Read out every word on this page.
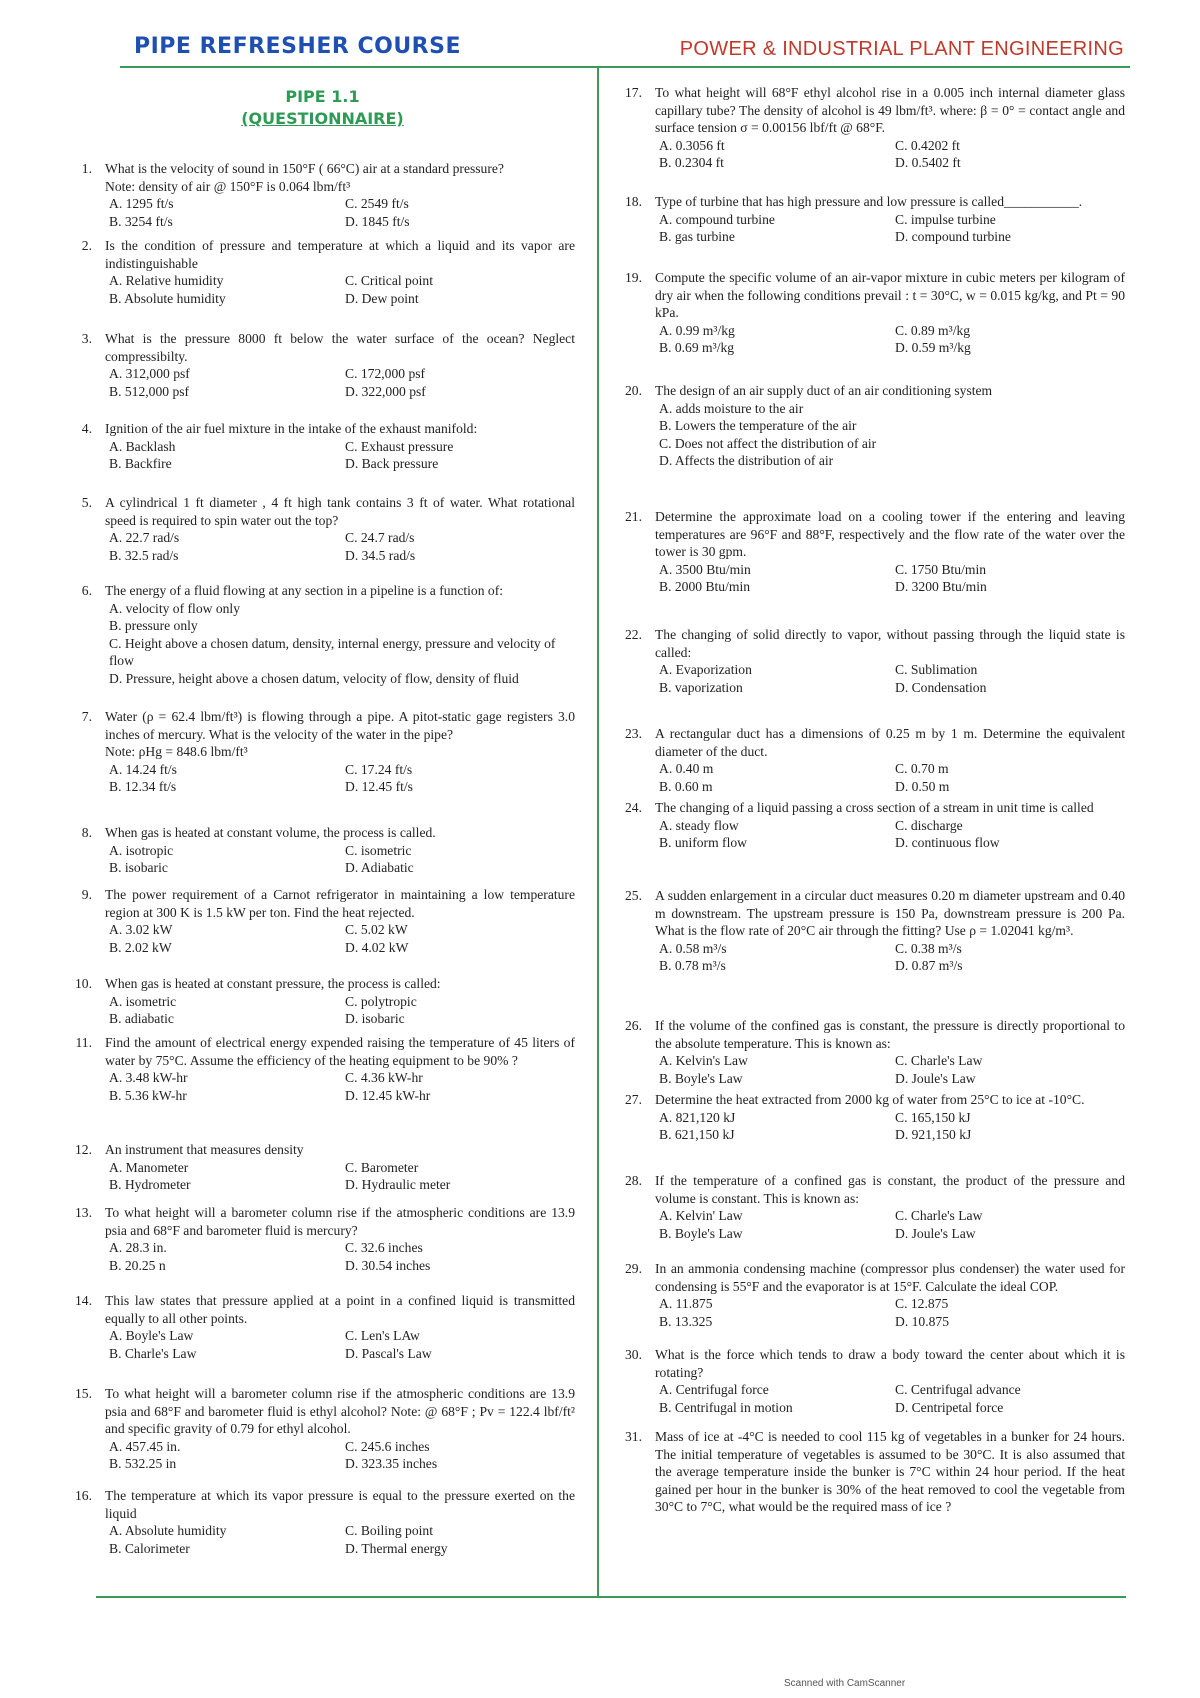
PIPE REFRESHER COURSE	POWER & INDUSTRIAL PLANT ENGINEERING
PIPE 1.1
(QUESTIONNAIRE)
1. What is the velocity of sound in 150°F ( 66°C) air at a standard pressure?
Note: density of air @ 150°F is 0.064 lbm/ft³
A. 1295 ft/s	C. 2549 ft/s
B. 3254 ft/s	D. 1845 ft/s
2. Is the condition of pressure and temperature at which a liquid and its vapor are indistinguishable
A. Relative humidity	C. Critical point
B. Absolute humidity	D. Dew point
3. What is the pressure 8000 ft below the water surface of the ocean? Neglect compressibilty.
A. 312,000 psf	C. 172,000 psf
B. 512,000 psf	D. 322,000 psf
4. Ignition of the air fuel mixture in the intake of the exhaust manifold:
A. Backlash	C. Exhaust pressure
B. Backfire	D. Back pressure
5. A cylindrical 1 ft diameter , 4 ft high tank contains 3 ft of water. What rotational speed is required to spin water out the top?
A. 22.7 rad/s	C. 24.7 rad/s
B. 32.5 rad/s	D. 34.5 rad/s
6. The energy of a fluid flowing at any section in a pipeline is a function of:
A. velocity of flow only
B. pressure only
C. Height above a chosen datum, density, internal energy, pressure and velocity of flow
D. Pressure, height above a chosen datum, velocity of flow, density of fluid
7. Water (ρ = 62.4 lbm/ft³) is flowing through a pipe. A pitot-static gage registers 3.0 inches of mercury. What is the velocity of the water in the pipe?
Note: ρHg = 848.6 lbm/ft³
A. 14.24 ft/s	C. 17.24 ft/s
B. 12.34 ft/s	D. 12.45 ft/s
8. When gas is heated at constant volume, the process is called.
A. isotropic	C. isometric
B. isobaric	D. Adiabatic
9. The power requirement of a Carnot refrigerator in maintaining a low temperature region at 300 K is 1.5 kW per ton. Find the heat rejected.
A. 3.02 kW	C. 5.02 kW
B. 2.02 kW	D. 4.02 kW
10. When gas is heated at constant pressure, the process is called:
A. isometric	C. polytropic
B. adiabatic	D. isobaric
11. Find the amount of electrical energy expended raising the temperature of 45 liters of water by 75°C. Assume the efficiency of the heating equipment to be 90% ?
A. 3.48 kW-hr	C. 4.36 kW-hr
B. 5.36 kW-hr	D. 12.45 kW-hr
12. An instrument that measures density
A. Manometer	C. Barometer
B. Hydrometer	D. Hydraulic meter
13. To what height will a barometer column rise if the atmospheric conditions are 13.9 psia and 68°F and barometer fluid is mercury?
A. 28.3 in.	C. 32.6 inches
B. 20.25 n	D. 30.54 inches
14. This law states that pressure applied at a point in a confined liquid is transmitted equally to all other points.
A. Boyle's Law	C. Len's LAw
B. Charle's Law	D. Pascal's Law
15. To what height will a barometer column rise if the atmospheric conditions are 13.9 psia and 68°F and barometer fluid is ethyl alcohol? Note: @ 68°F ; Pv = 122.4 lbf/ft² and specific gravity of 0.79 for ethyl alcohol.
A. 457.45 in.	C. 245.6 inches
B. 532.25 in	D. 323.35 inches
16. The temperature at which its vapor pressure is equal to the pressure exerted on the liquid
A. Absolute humidity	C. Boiling point
B. Calorimeter	D. Thermal energy
17. To what height will 68°F ethyl alcohol rise in a 0.005 inch internal diameter glass capillary tube? The density of alcohol is 49 lbm/ft³. where: β = 0° = contact angle and surface tension σ = 0.00156 lbf/ft @ 68°F.
A. 0.3056 ft	C. 0.4202 ft
B. 0.2304 ft	D. 0.5402 ft
18. Type of turbine that has high pressure and low pressure is called___________.
A. compound turbine	C. impulse turbine
B. gas turbine	D. compound turbine
19. Compute the specific volume of an air-vapor mixture in cubic meters per kilogram of dry air when the following conditions prevail : t = 30°C, w = 0.015 kg/kg, and Pt = 90 kPa.
A. 0.99 m³/kg	C. 0.89 m³/kg
B. 0.69 m³/kg	D. 0.59 m³/kg
20. The design of an air supply duct of an air conditioning system
A. adds moisture to the air
B. Lowers the temperature of the air
C. Does not affect the distribution of air
D. Affects the distribution of air
21. Determine the approximate load on a cooling tower if the entering and leaving temperatures are 96°F and 88°F, respectively and the flow rate of the water over the tower is 30 gpm.
A. 3500 Btu/min	C. 1750 Btu/min
B. 2000 Btu/min	D. 3200 Btu/min
22. The changing of solid directly to vapor, without passing through the liquid state is called:
A. Evaporization	C. Sublimation
B. vaporization	D. Condensation
23. A rectangular duct has a dimensions of 0.25 m by 1 m. Determine the equivalent diameter of the duct.
A. 0.40 m	C. 0.70 m
B. 0.60 m	D. 0.50 m
24. The changing of a liquid passing a cross section of a stream in unit time is called
A. steady flow	C. discharge
B. uniform flow	D. continuous flow
25. A sudden enlargement in a circular duct measures 0.20 m diameter upstream and 0.40 m downstream. The upstream pressure is 150 Pa, downstream pressure is 200 Pa. What is the flow rate of 20°C air through the fitting? Use ρ = 1.02041 kg/m³.
A. 0.58 m³/s	C. 0.38 m³/s
B. 0.78 m³/s	D. 0.87 m³/s
26. If the volume of the confined gas is constant, the pressure is directly proportional to the absolute temperature. This is known as:
A. Kelvin's Law	C. Charle's Law
B. Boyle's Law	D. Joule's Law
27. Determine the heat extracted from 2000 kg of water from 25°C to ice at -10°C.
A. 821,120 kJ	C. 165,150 kJ
B. 621,150 kJ	D. 921,150 kJ
28. If the temperature of a confined gas is constant, the product of the pressure and volume is constant. This is known as:
A. Kelvin' Law	C. Charle's Law
B. Boyle's Law	D. Joule's Law
29. In an ammonia condensing machine (compressor plus condenser) the water used for condensing is 55°F and the evaporator is at 15°F. Calculate the ideal COP.
A. 11.875	C. 12.875
B. 13.325	D. 10.875
30. What is the force which tends to draw a body toward the center about which it is rotating?
A. Centrifugal force	C. Centrifugal advance
B. Centrifugal in motion	D. Centripetal force
31. Mass of ice at -4°C is needed to cool 115 kg of vegetables in a bunker for 24 hours. The initial temperature of vegetables is assumed to be 30°C. It is also assumed that the average temperature inside the bunker is 7°C within 24 hour period. If the heat gained per hour in the bunker is 30% of the heat removed to cool the vegetable from 30°C to 7°C, what would be the required mass of ice ?
Scanned with CamScanner
